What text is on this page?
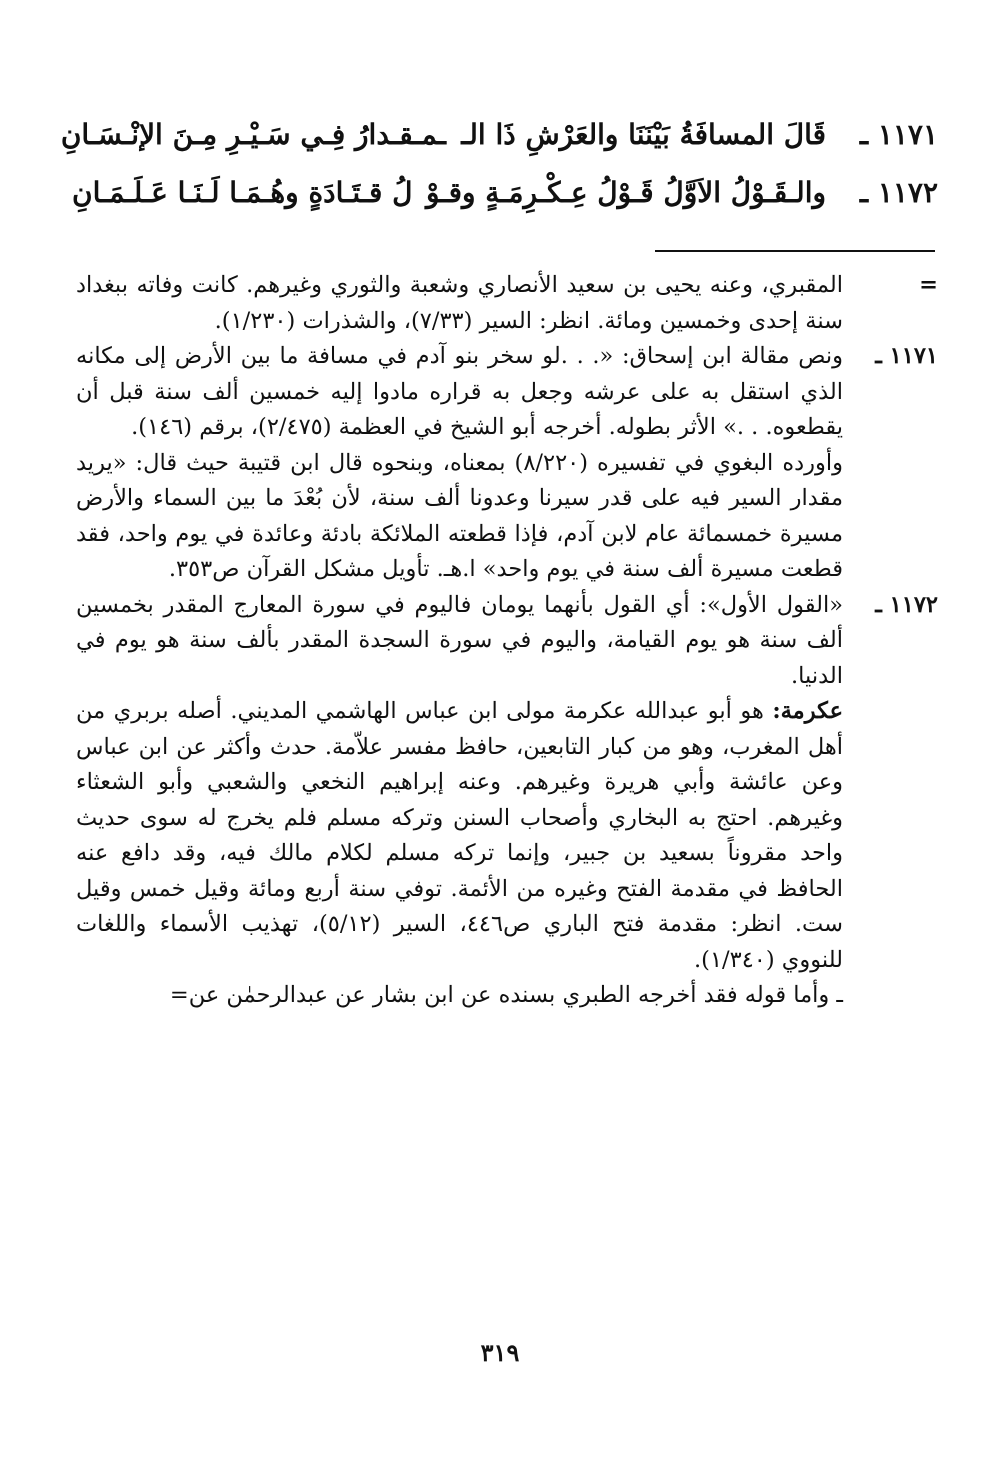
١١٧١ ـ
قَالَ المسافَةُ بَيْنَنَا والعَرْشِ ذَا الـ
ـمـقـدارُ فِـي سَـيْـرِ مِـنَ الإنْـسَـانِ
١١٧٢ ـ
والـقَـوْلُ الاَوَّلُ قَـوْلُ عِـكْـرِمَـةٍ وقـوْ
لُ قـتَـادَةٍ وهُـمَـا لَـنَـا عَـلَـمَـانِ
=

المقبري، وعنه يحيى بن سعيد الأنصاري وشعبة والثوري وغيرهم. كانت وفاته ببغداد سنة إحدى وخمسين ومائة. انظر: السير (٧/٣٣)، والشذرات (١/٢٣٠).

١١٧١ ـ

ونص مقالة ابن إسحاق: «. . .لو سخر بنو آدم في مسافة ما بين الأرض إلى مكانه الذي استقل به على عرشه وجعل به قراره مادوا إليه خمسين ألف سنة قبل أن يقطعوه. . .» الأثر بطوله. أخرجه أبو الشيخ في العظمة (٢/٤٧٥)، برقم (١٤٦).

وأورده البغوي في تفسيره (٨/٢٢٠) بمعناه، وبنحوه قال ابن قتيبة حيث قال: «يريد مقدار السير فيه على قدر سيرنا وعدونا ألف سنة، لأن بُعْدَ ما بين السماء والأرض مسيرة خمسمائة عام لابن آدم، فإذا قطعته الملائكة بادئة وعائدة في يوم واحد، فقد قطعت مسيرة ألف سنة في يوم واحد» ا.هـ. تأويل مشكل القرآن ص٣٥٣.

١١٧٢ ـ

«القول الأول»: أي القول بأنهما يومان فاليوم في سورة المعارج المقدر بخمسين ألف سنة هو يوم القيامة، واليوم في سورة السجدة المقدر بألف سنة هو يوم في الدنيا.

عكرمة: هو أبو عبدالله عكرمة مولى ابن عباس الهاشمي المديني. أصله بربري من أهل المغرب، وهو من كبار التابعين، حافظ مفسر علاّمة. حدث وأكثر عن ابن عباس وعن عائشة وأبي هريرة وغيرهم. وعنه إبراهيم النخعي والشعبي وأبو الشعثاء وغيرهم. احتج به البخاري وأصحاب السنن وتركه مسلم فلم يخرج له سوى حديث واحد مقروناً بسعيد بن جبير، وإنما تركه مسلم لكلام مالك فيه، وقد دافع عنه الحافظ في مقدمة الفتح وغيره من الأئمة. توفي سنة أربع ومائة وقيل خمس وقيل ست. انظر: مقدمة فتح الباري ص٤٤٦، السير (٥/١٢)، تهذيب الأسماء واللغات للنووي (١/٣٤٠).

ـ وأما قوله فقد أخرجه الطبري بسنده عن ابن بشار عن عبدالرحمٰن عن=

٣١٩
